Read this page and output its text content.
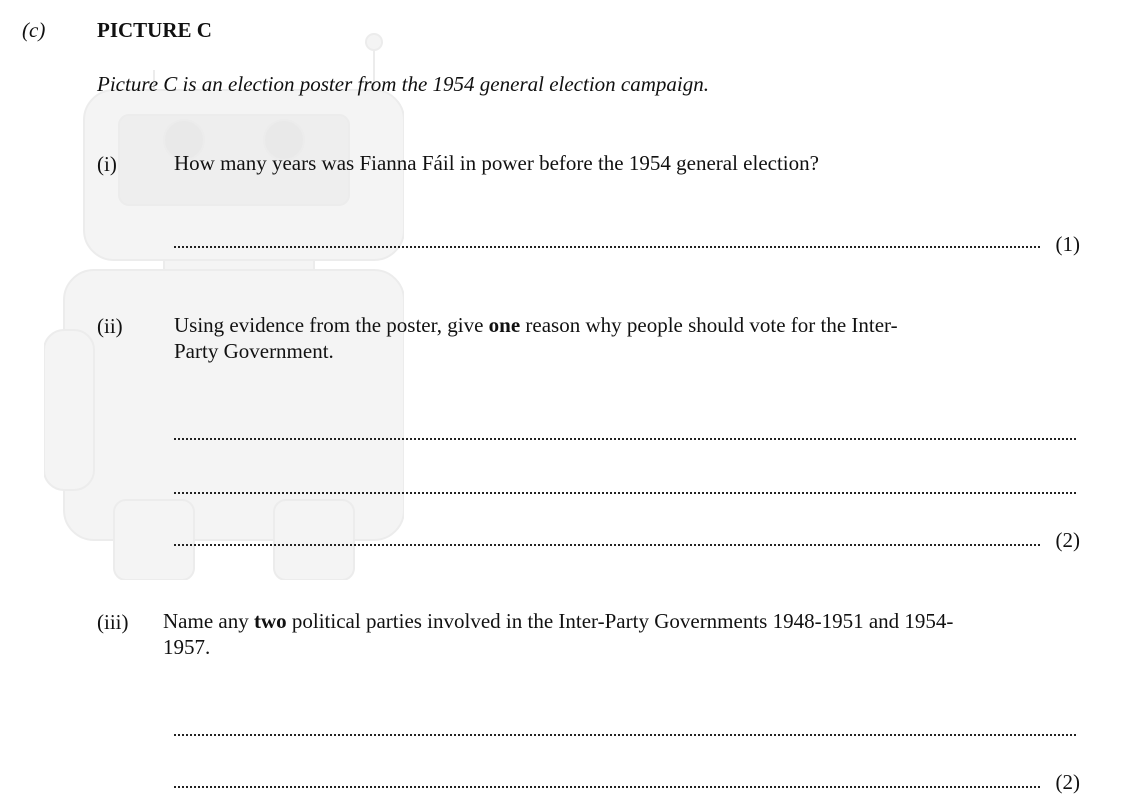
(c) PICTURE C
Picture C is an election poster from the 1954 general election campaign.
(i)	How many years was Fianna Fáil in power before the 1954 general election?
(1)
(ii) Using evidence from the poster, give one reason why people should vote for the Inter-
Party Government.
(2)
(iii) Name any two political parties involved in the Inter-Party Governments 1948-1951 and 1954-
1957.
(2)
